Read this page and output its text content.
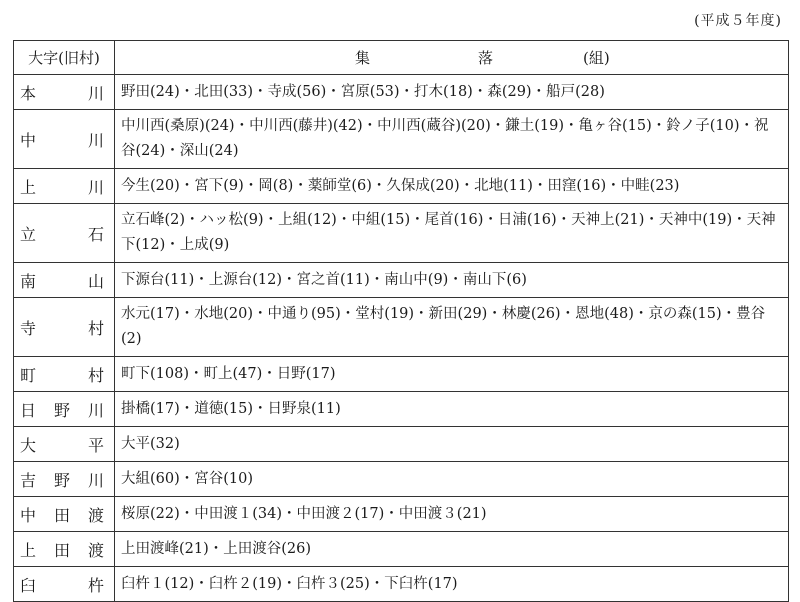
(平成５年度)
大字(旧村)	集 落 (組)

本 川	野田(24)・北田(33)・寺成(56)・宮原(53)・打木(18)・森(29)・船戸(28)

中 川	中川西(桑原)(24)・中川西(藤井)(42)・中川西(蔵谷)(20)・鎌土(19)・亀ヶ谷(15)・鈴ノ子(10)・祝谷(24)・深山(24)

上 川	今生(20)・宮下(9)・岡(8)・薬師堂(6)・久保成(20)・北地(11)・田窪(16)・中畦(23)

立 石	立石峰(2)・ハッ松(9)・上組(12)・中組(15)・尾首(16)・日浦(16)・天神上(21)・天神中(19)・天神下(12)・上成(9)

南 山	下源台(11)・上源台(12)・宮之首(11)・南山中(9)・南山下(6)

寺 村	水元(17)・水地(20)・中通り(95)・堂村(19)・新田(29)・林慶(26)・恩地(48)・京の森(15)・豊谷(2)

町 村	町下(108)・町上(47)・日野(17)

日 野 川	掛橋(17)・道徳(15)・日野泉(11)

大 平	大平(32)

吉 野 川	大組(60)・宮谷(10)

中 田 渡	桜原(22)・中田渡１(34)・中田渡２(17)・中田渡３(21)

上 田 渡	上田渡峰(21)・上田渡谷(26)

臼 杵	臼杵１(12)・臼杵２(19)・臼杵３(25)・下臼杵(17)
